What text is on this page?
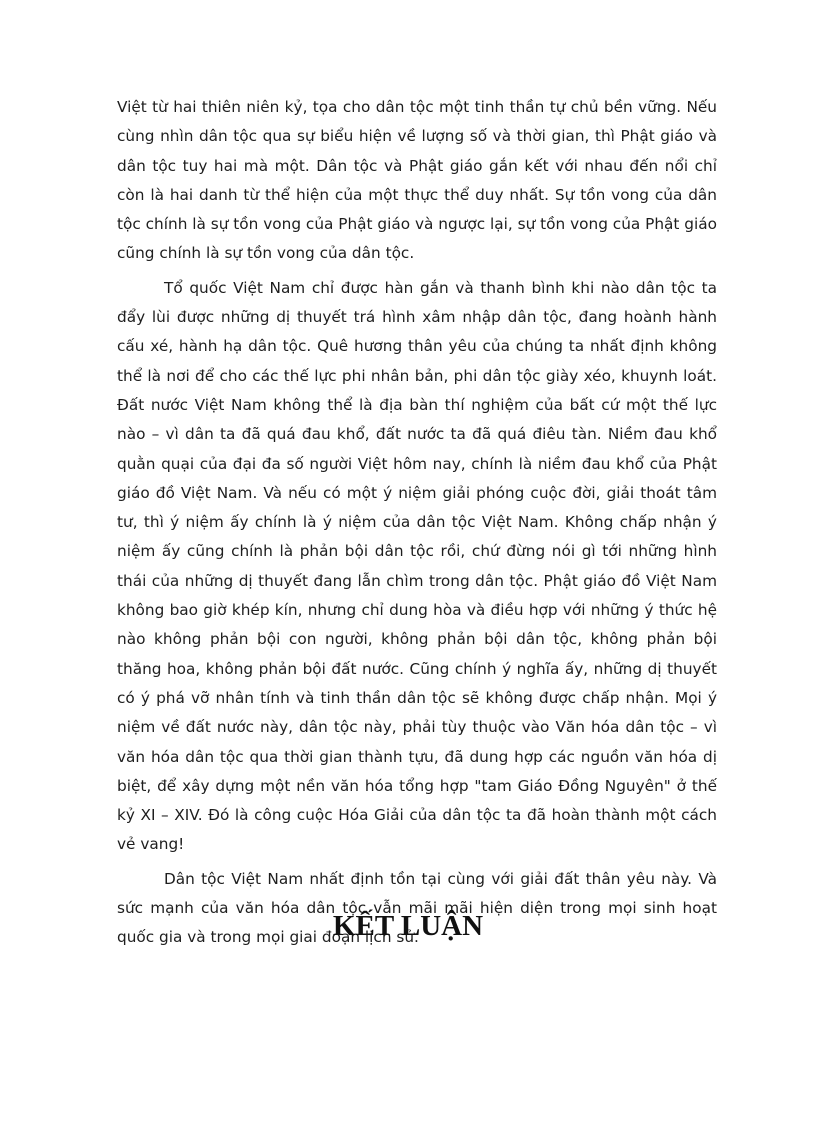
Việt từ hai thiên niên kỷ, tọa cho dân tộc một tinh thần tự chủ bền vững. Nếu cùng nhìn dân tộc qua sự biểu hiện về lượng số và thời gian, thì Phật giáo và dân tộc tuy hai mà một. Dân tộc và Phật giáo gắn kết với nhau đến nổi chỉ còn là hai danh từ thể hiện của một thực thể duy nhất. Sự tồn vong của dân tộc chính là sự tồn vong của Phật giáo và ngược lại, sự tồn vong của Phật giáo cũng chính là sự tồn vong của dân tộc.

Tổ quốc Việt Nam chỉ được hàn gắn và thanh bình khi nào dân tộc ta đẩy lùi được những dị thuyết trá hình xâm nhập dân tộc, đang hoành hành cấu xé, hành hạ dân tộc. Quê hương thân yêu của chúng ta nhất định không thể là nơi để cho các thế lực phi nhân bản, phi dân tộc giày xéo, khuynh loát. Đất nước Việt Nam không thể là địa bàn thí nghiệm của bất cứ một thế lực nào – vì dân ta đã quá đau khổ, đất nước ta đã quá điêu tàn. Niềm đau khổ quằn quại của đại đa số người Việt hôm nay, chính là niềm đau khổ của Phật giáo đồ Việt Nam. Và nếu có một ý niệm giải phóng cuộc đời, giải thoát tâm tư, thì ý niệm ấy chính là ý niệm của dân tộc Việt Nam. Không chấp nhận ý niệm ấy cũng chính là phản bội dân tộc rồi, chứ đừng nói gì tới những hình thái của những dị thuyết đang lẫn chìm trong dân tộc. Phật giáo đồ Việt Nam không bao giờ khép kín, nhưng chỉ dung hòa và điều hợp với những ý thức hệ nào không phản bội con người, không phản bội dân tộc, không phản bội thăng hoa, không phản bội đất nước. Cũng chính ý nghĩa ấy, những dị thuyết có ý phá vỡ nhân tính và tinh thần dân tộc sẽ không được chấp nhận. Mọi ý niệm về đất nước này, dân tộc này, phải tùy thuộc vào Văn hóa dân tộc – vì văn hóa dân tộc qua thời gian thành tựu, đã dung hợp các nguồn văn hóa dị biệt, để xây dựng một nền văn hóa tổng hợp "tam Giáo Đồng Nguyên" ở thế kỷ XI – XIV. Đó là công cuộc Hóa Giải của dân tộc ta đã hoàn thành một cách vẻ vang!

Dân tộc Việt Nam nhất định tồn tại cùng với giải đất thân yêu này. Và sức mạnh của văn hóa dân tộc vẫn mãi mãi hiện diện trong mọi sinh hoạt quốc gia và trong mọi giai đoạn lịch sử.

KẾT LUẬN
